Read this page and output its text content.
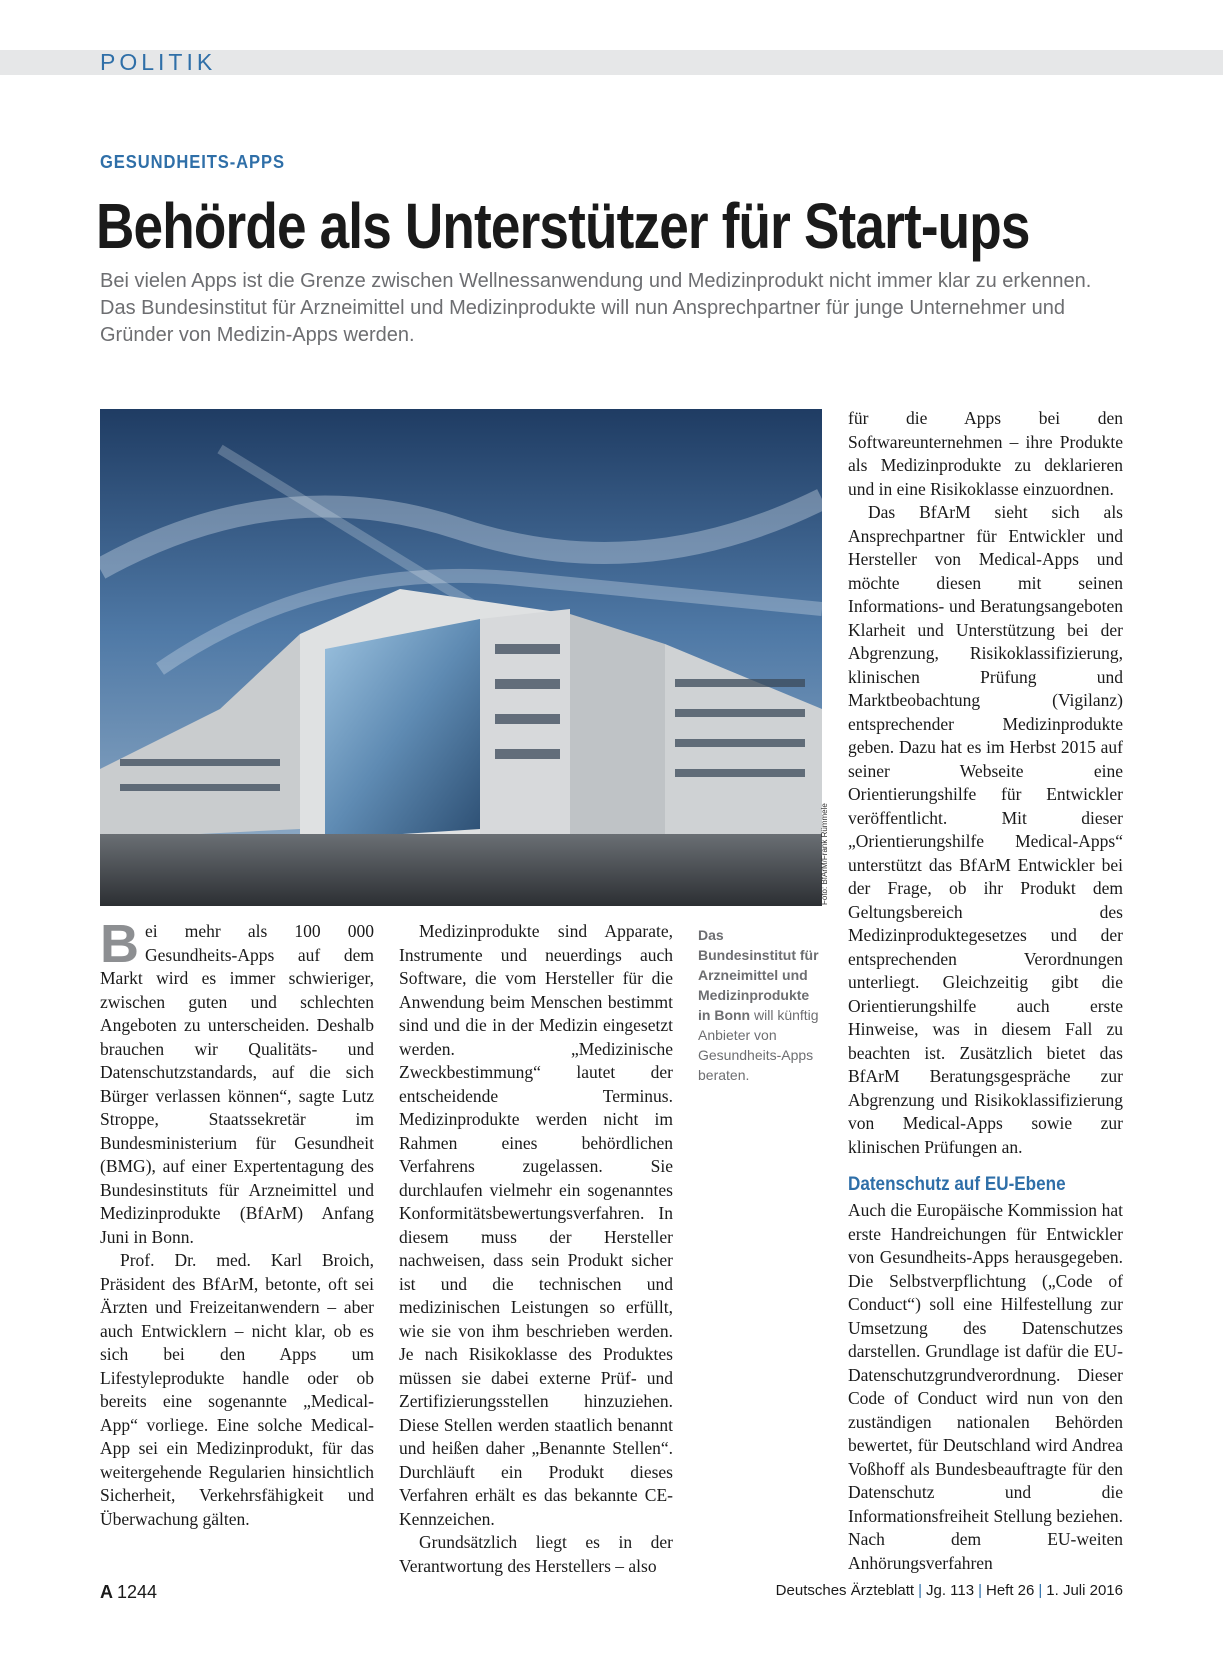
POLITIK
GESUNDHEITS-APPS
Behörde als Unterstützer für Start-ups

Bei vielen Apps ist die Grenze zwischen Wellnessanwendung und Medizinprodukt nicht immer klar zu erkennen. Das Bundesinstitut für Arzneimittel und Medizinprodukte will nun Ansprechpartner für junge Unternehmer und Gründer von Medizin-Apps werden.

Foto: BfArM/Frank Rümmele
Das Bundesinstitut für Arzneimittel und Medizinprodukte in Bonn will künftig Anbieter von Gesundheits-Apps beraten.

Bei mehr als 100 000 Gesundheits-Apps auf dem Markt wird es immer schwieriger, zwischen guten und schlechten Angeboten zu unterscheiden. Deshalb brauchen wir Qualitäts- und Datenschutzstandards, auf die sich Bürger verlassen können“, sagte Lutz Stroppe, Staatssekretär im Bundesministerium für Gesundheit (BMG), auf einer Expertentagung des Bundesinstituts für Arzneimittel und Medizinprodukte (BfArM) Anfang Juni in Bonn.

Prof. Dr. med. Karl Broich, Präsident des BfArM, betonte, oft sei Ärzten und Freizeitanwendern – aber auch Entwicklern – nicht klar, ob es sich bei den Apps um Lifestyleprodukte handle oder ob bereits eine sogenannte „Medical-App“ vorliege. Eine solche Medical-App sei ein Medizinprodukt, für das weitergehende Regularien hinsichtlich Sicherheit, Verkehrsfähigkeit und Überwachung gälten.

Medizinprodukte sind Apparate, Instrumente und neuerdings auch Software, die vom Hersteller für die Anwendung beim Menschen bestimmt sind und die in der Medizin eingesetzt werden. „Medizinische Zweckbestimmung“ lautet der entscheidende Terminus. Medizinprodukte werden nicht im Rahmen eines behördlichen Verfahrens zugelassen. Sie durchlaufen vielmehr ein sogenanntes Konformitätsbewertungsverfahren. In diesem muss der Hersteller nachweisen, dass sein Produkt sicher ist und die technischen und medizinischen Leistungen so erfüllt, wie sie von ihm beschrieben werden. Je nach Risikoklasse des Produktes müssen sie dabei externe Prüf- und Zertifizierungsstellen hinzuziehen. Diese Stellen werden staatlich benannt und heißen daher „Benannte Stellen“. Durchläuft ein Produkt dieses Verfahren erhält es das bekannte CE-Kennzeichen.

Grundsätzlich liegt es in der Verantwortung des Herstellers – also

für die Apps bei den Softwareunternehmen – ihre Produkte als Medizinprodukte zu deklarieren und in eine Risikoklasse einzuordnen.

Das BfArM sieht sich als Ansprechpartner für Entwickler und Hersteller von Medical-Apps und möchte diesen mit seinen Informations- und Beratungsangeboten Klarheit und Unterstützung bei der Abgrenzung, Risikoklassifizierung, klinischen Prüfung und Marktbeobachtung (Vigilanz) entsprechender Medizinprodukte geben. Dazu hat es im Herbst 2015 auf seiner Webseite eine Orientierungshilfe für Entwickler veröffentlicht. Mit dieser „Orientierungshilfe Medical-Apps“ unterstützt das BfArM Entwickler bei der Frage, ob ihr Produkt dem Geltungsbereich des Medizinproduktegesetzes und der entsprechenden Verordnungen unterliegt. Gleichzeitig gibt die Orientierungshilfe auch erste Hinweise, was in diesem Fall zu beachten ist. Zusätzlich bietet das BfArM Beratungsgespräche zur Abgrenzung und Risikoklassifizierung von Medical-Apps sowie zur klinischen Prüfungen an.

Datenschutz auf EU-Ebene

Auch die Europäische Kommission hat erste Handreichungen für Entwickler von Gesundheits-Apps herausgegeben. Die Selbstverpflichtung („Code of Conduct“) soll eine Hilfestellung zur Umsetzung des Datenschutzes darstellen. Grundlage ist dafür die EU-Datenschutzgrundverordnung. Dieser Code of Conduct wird nun von den zuständigen nationalen Behörden bewertet, für Deutschland wird Andrea Voßhoff als Bundesbeauftragte für den Datenschutz und die Informationsfreiheit Stellung beziehen. Nach dem EU-weiten Anhörungsverfahren

A 1244	Deutsches Ärzteblatt | Jg. 113 | Heft 26 | 1. Juli 2016
